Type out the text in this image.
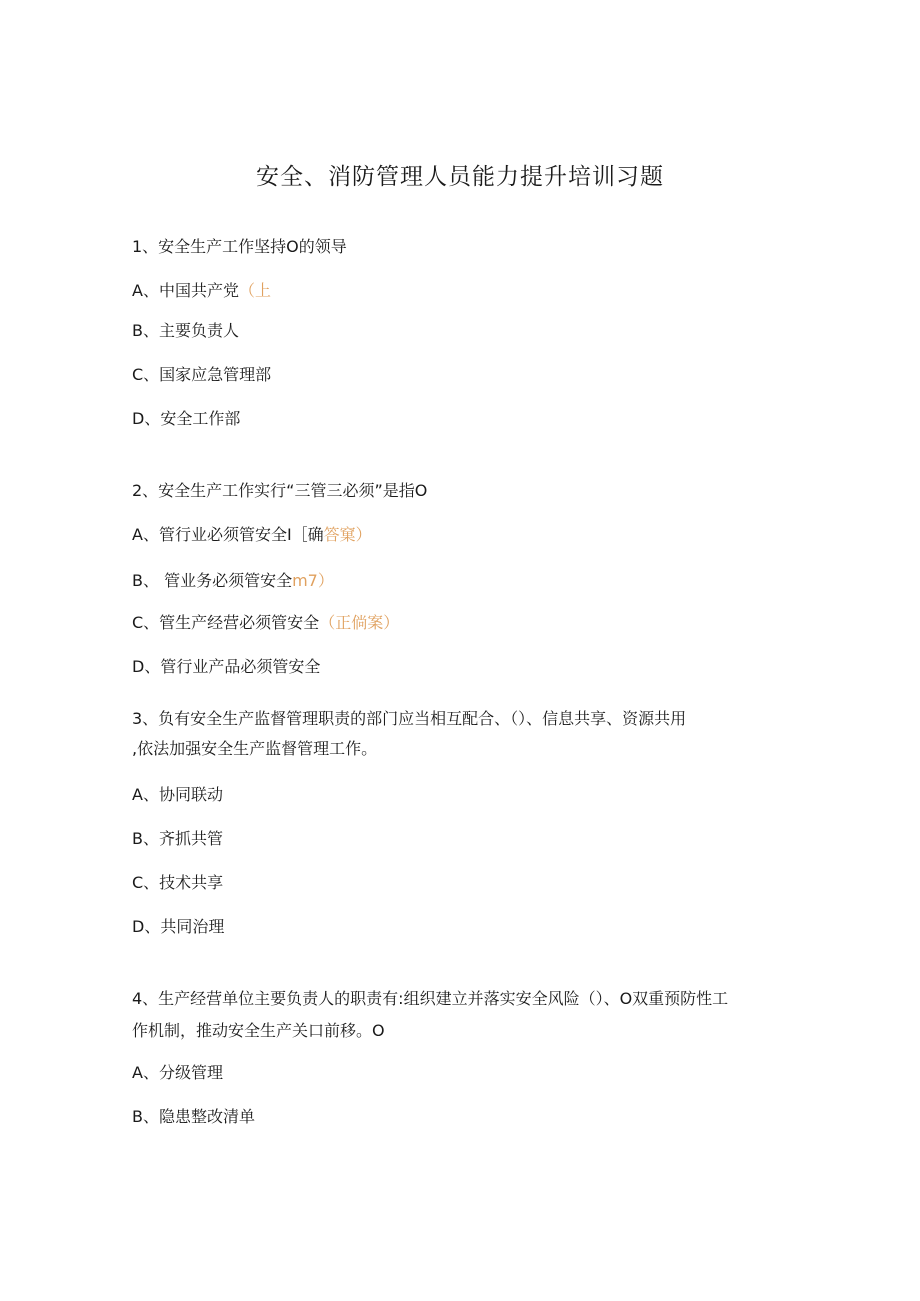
安全、消防管理人员能力提升培训习题
1、安全生产工作坚持O的领导
A、中国共产党（上
B、主要负责人
C、国家应急管理部
D、安全工作部
2、安全生产工作实行“三管三必须”是指O
A、管行业必须管安全I［确答窠）
B、 管业务必须管安全m7）
C、管生产经营必须管安全（正倘案）
D、管行业产品必须管安全
3、负有安全生产监督管理职责的部门应当相互配合、（）、信息共享、资源共用
,依法加强安全生产监督管理工作。
A、协同联动
B、齐抓共管
C、技术共享
D、共同治理
4、生产经营单位主要负责人的职责有:组织建立并落实安全风险（）、O双重预防性工
作机制，推动安全生产关口前移。O
A、分级管理
B、隐患整改清单
